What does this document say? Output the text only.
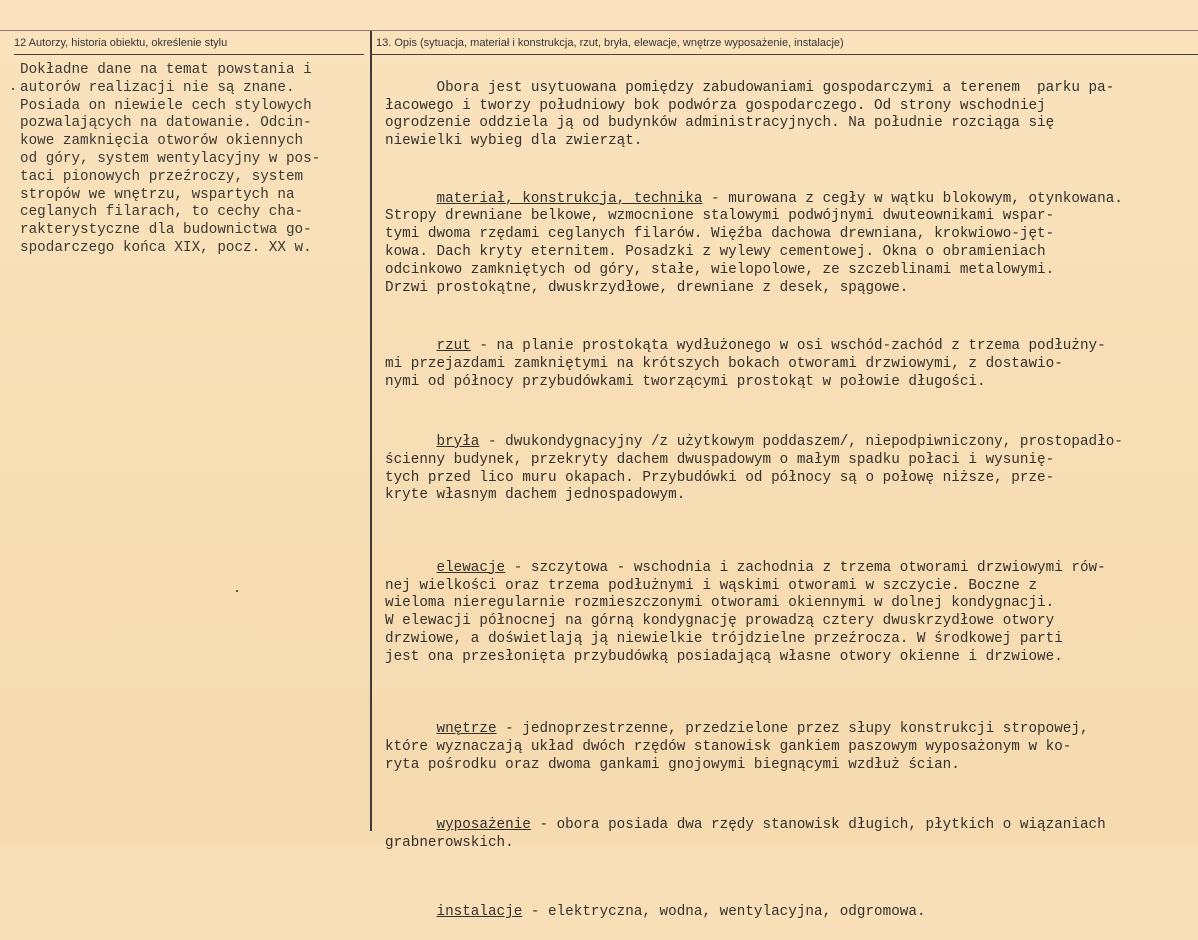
12 Autorzy, historia obiektu, określenie stylu	13. Opis (sytuacja, materiał i konstrukcja, rzut, bryła, elewacje, wnętrze wyposażenie, instalacje)
Dokładne dane na temat powstania i
autorów realizacji nie są znane.
Posiada on niewiele cech stylowych
pozwalających na datowanie. Odcin-
kowe zamknięcia otworów okiennych
od góry, system wentylacyjny w pos-
taci pionowych przeźroczy, system
stropów we wnętrzu, wspartych na
ceglanych filarach, to cechy cha-
rakterystyczne dla budownictwa go-
spodarczego końca XIX, pocz. XX w.

Obora jest usytuowana pomiędzy zabudowaniami gospodarczymi a terenem  parku pa-
łacowego i tworzy południowy bok podwórza gospodarczego. Od strony wschodniej
ogrodzenie oddziela ją od budynków administracyjnych. Na południe rozciąga się
niewielki wybieg dla zwierząt.

materiał, konstrukcja, technika - murowana z cegły w wątku blokowym, otynkowana.
Stropy drewniane belkowe, wzmocnione stalowymi podwójnymi dwuteownikami wspar-
tymi dwoma rzędami ceglanych filarów. Więźba dachowa drewniana, krokwiowo-jęt-
kowa. Dach kryty eternitem. Posadzki z wylewy cementowej. Okna o obramieniach
odcinkowo zamkniętych od góry, stałe, wielopolowe, ze szczeblinami metalowymi.
Drzwi prostokątne, dwuskrzydłowe, drewniane z desek, spągowe.

rzut - na planie prostokąta wydłużonego w osi wschód-zachód z trzema podłużny-
mi przejazdami zamkniętymi na krótszych bokach otworami drzwiowymi, z dostawio-
nymi od północy przybudówkami tworzącymi prostokąt w połowie długości.

bryła - dwukondygnacyjny /z użytkowym poddaszem/, niepodpiwniczony, prostopadło-
ścienny budynek, przekryty dachem dwuspadowym o małym spadku połaci i wysunię-
tych przed lico muru okapach. Przybudówki od północy są o połowę niższe, prze-
kryte własnym dachem jednospadowym.

elewacje - szczytowa - wschodnia i zachodnia z trzema otworami drzwiowymi rów-
nej wielkości oraz trzema podłużnymi i wąskimi otworami w szczycie. Boczne z
wieloma nieregularnie rozmieszczonymi otworami okiennymi w dolnej kondygnacji.
W elewacji północnej na górną kondygnację prowadzą cztery dwuskrzydłowe otwory
drzwiowe, a doświetlają ją niewielkie trójdzielne przeźrocza. W środkowej parti
jest ona przesłonięta przybudówką posiadającą własne otwory okienne i drzwiowe.

wnętrze - jednoprzestrzenne, przedzielone przez słupy konstrukcji stropowej,
które wyznaczają układ dwóch rzędów stanowisk gankiem paszowym wyposażonym w ko-
ryta pośrodku oraz dwoma gankami gnojowymi biegnącymi wzdłuż ścian.

wyposażenie - obora posiada dwa rzędy stanowisk długich, płytkich o wiązaniach
grabnerowskich.

instalacje - elektryczna, wodna, wentylacyjna, odgromowa.
